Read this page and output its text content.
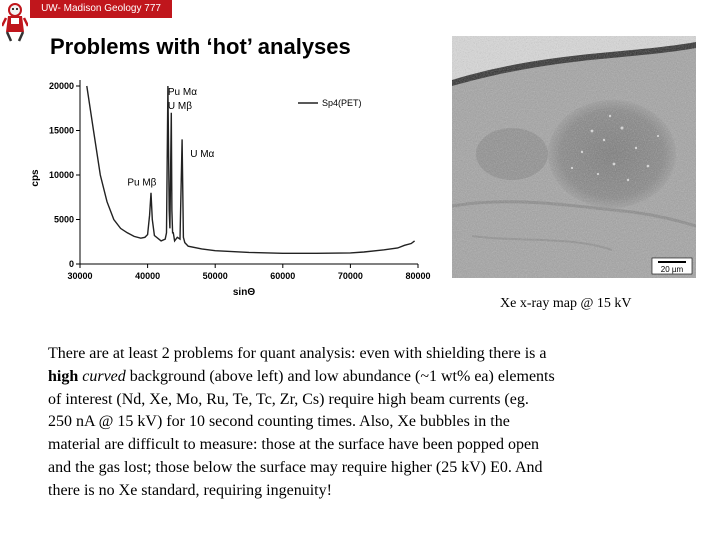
UW- Madison Geology 777
Problems with ‘hot’ analyses
30000	40000	50000	60000	70000	80000
0
5000
10000
15000
20000
cps
sinΘ
Sp4(PET)
Pu Mα
U Mβ
U Mα
Pu Mβ
20 µm
Xe x-ray map @ 15 kV

There are at least 2 problems for quant analysis: even with shielding there is a

high curved background (above left) and low abundance (~1 wt% ea) elements

of interest (Nd, Xe, Mo, Ru, Te, Tc, Zr, Cs) require high beam currents (eg.

250 nA @ 15 kV) for 10 second counting times. Also, Xe bubbles in the

material are difficult to measure: those at the surface have been popped open

and the gas lost; those below the surface may require higher (25 kV) E0. And

there is no Xe standard, requiring ingenuity!
